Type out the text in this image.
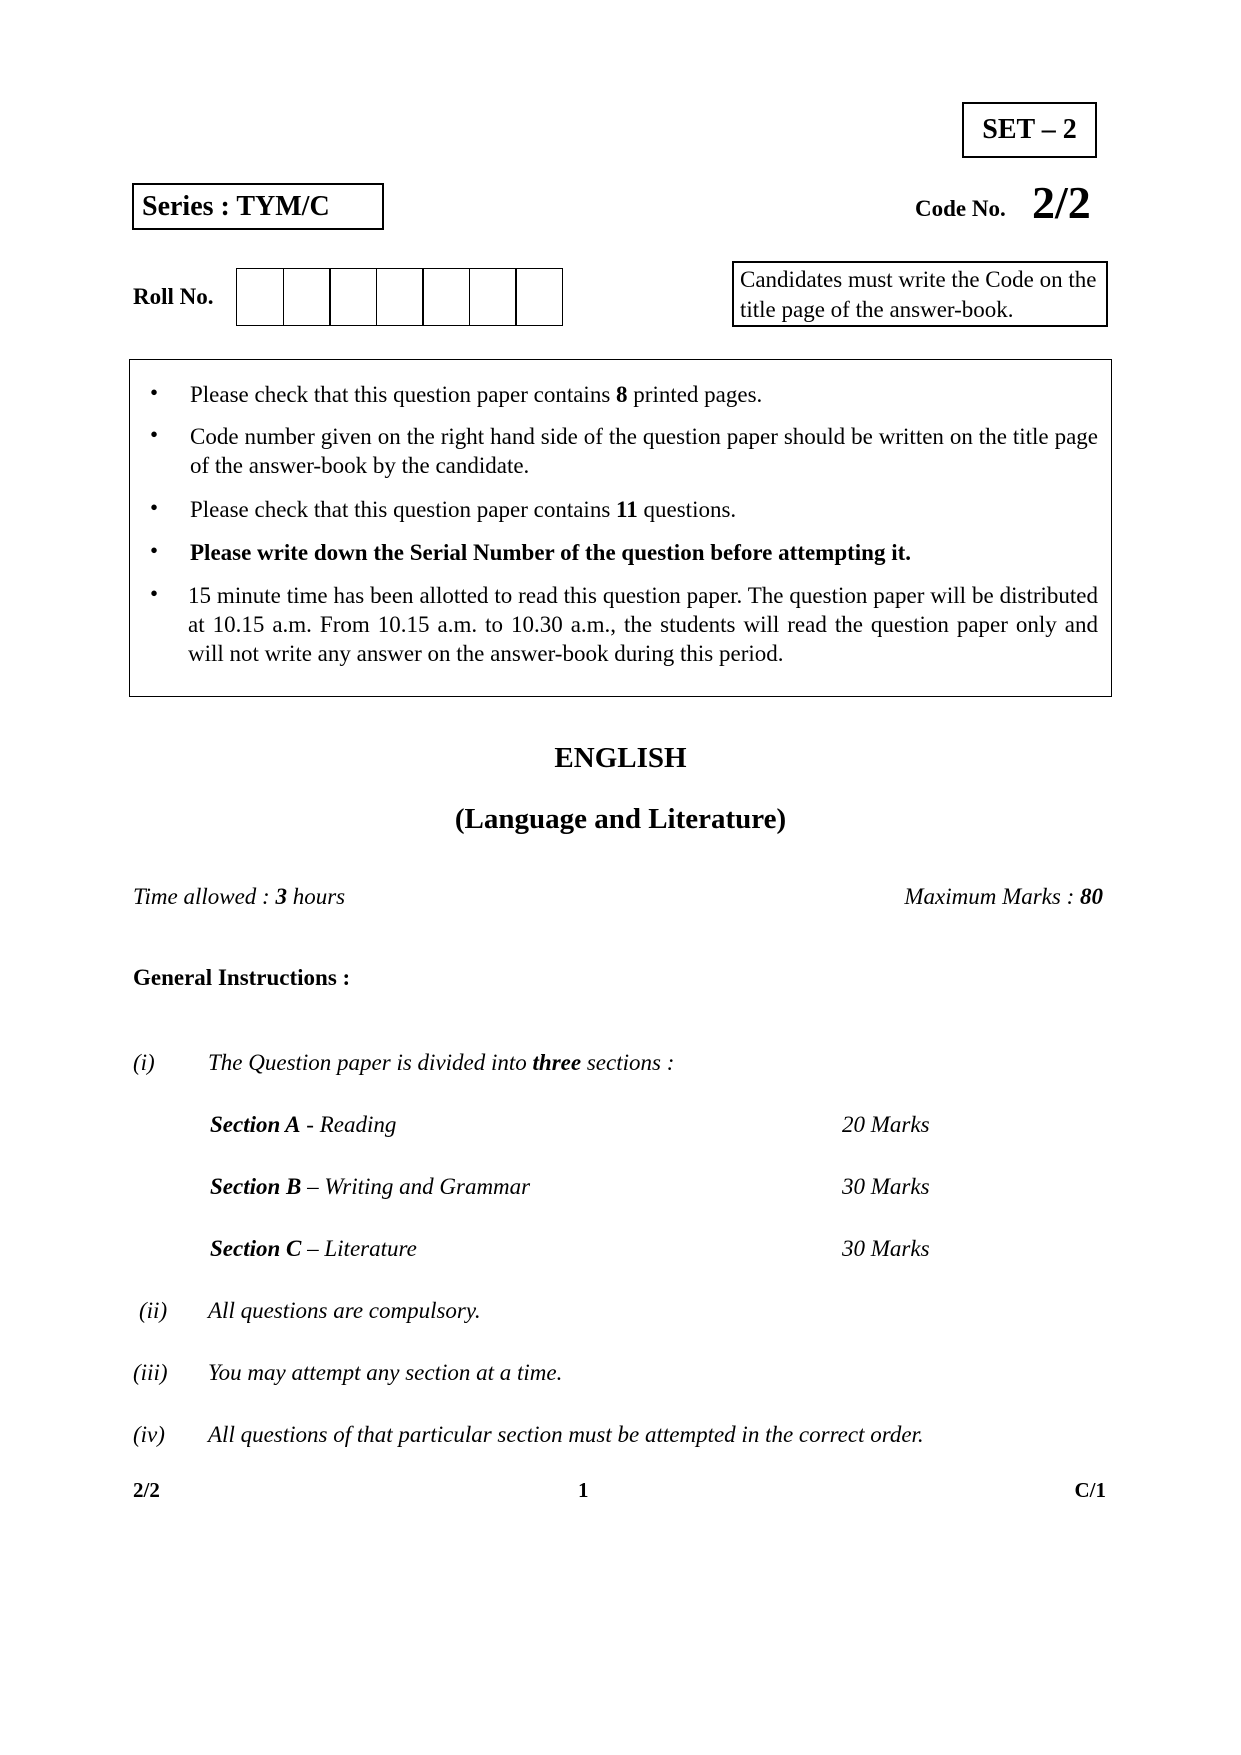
SET – 2
Series : TYM/C	Code No. 2/2
Roll No.
Candidates must write the Code on the title page of the answer-book.
• Please check that this question paper contains 8 printed pages.
• Code number given on the right hand side of the question paper should be written on the title page of the answer-book by the candidate.
• Please check that this question paper contains 11 questions.
• Please write down the Serial Number of the question before attempting it.
• 15 minute time has been allotted to read this question paper. The question paper will be distributed at 10.15 a.m. From 10.15 a.m. to 10.30 a.m., the students will read the question paper only and will not write any answer on the answer-book during this period.
ENGLISH
(Language and Literature)
Time allowed : 3 hours	Maximum Marks : 80
General Instructions :
(i) The Question paper is divided into three sections :
Section A - Reading	20 Marks
Section B – Writing and Grammar	30 Marks
Section C – Literature	30 Marks
(ii) All questions are compulsory.
(iii) You may attempt any section at a time.
(iv) All questions of that particular section must be attempted in the correct order.
2/2	1	C/1
